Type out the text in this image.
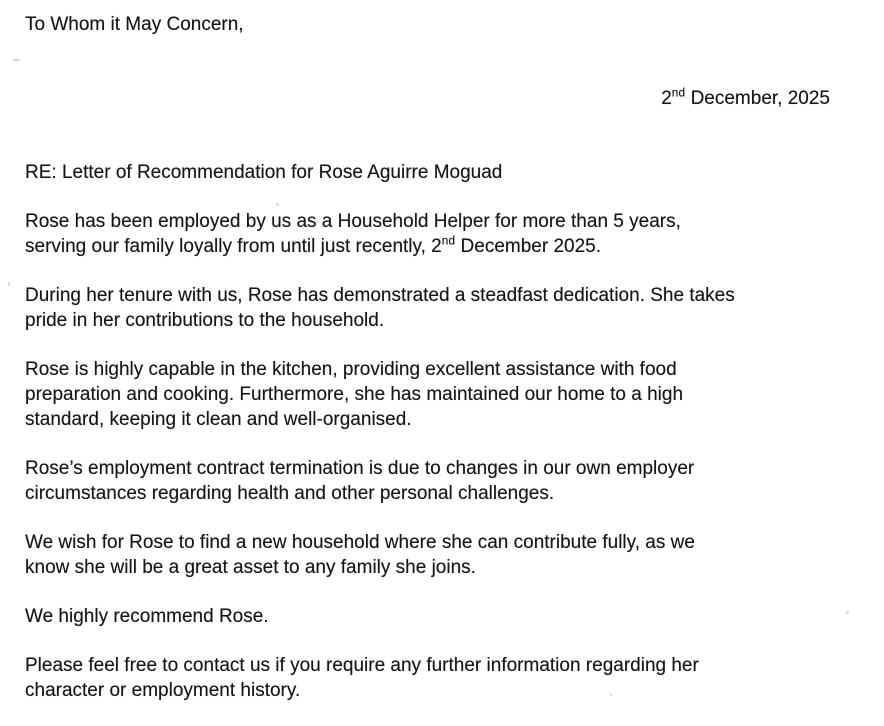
To Whom it May Concern,
2nd December, 2025
RE: Letter of Recommendation for Rose Aguirre Moguad
Rose has been employed by us as a Household Helper for more than 5 years,
serving our family loyally from until just recently, 2nd December 2025.
During her tenure with us, Rose has demonstrated a steadfast dedication. She takes
pride in her contributions to the household.
Rose is highly capable in the kitchen, providing excellent assistance with food
preparation and cooking. Furthermore, she has maintained our home to a high
standard, keeping it clean and well-organised.
Rose’s employment contract termination is due to changes in our own employer
circumstances regarding health and other personal challenges.
We wish for Rose to find a new household where she can contribute fully, as we
know she will be a great asset to any family she joins.
We highly recommend Rose.
Please feel free to contact us if you require any further information regarding her
character or employment history.
